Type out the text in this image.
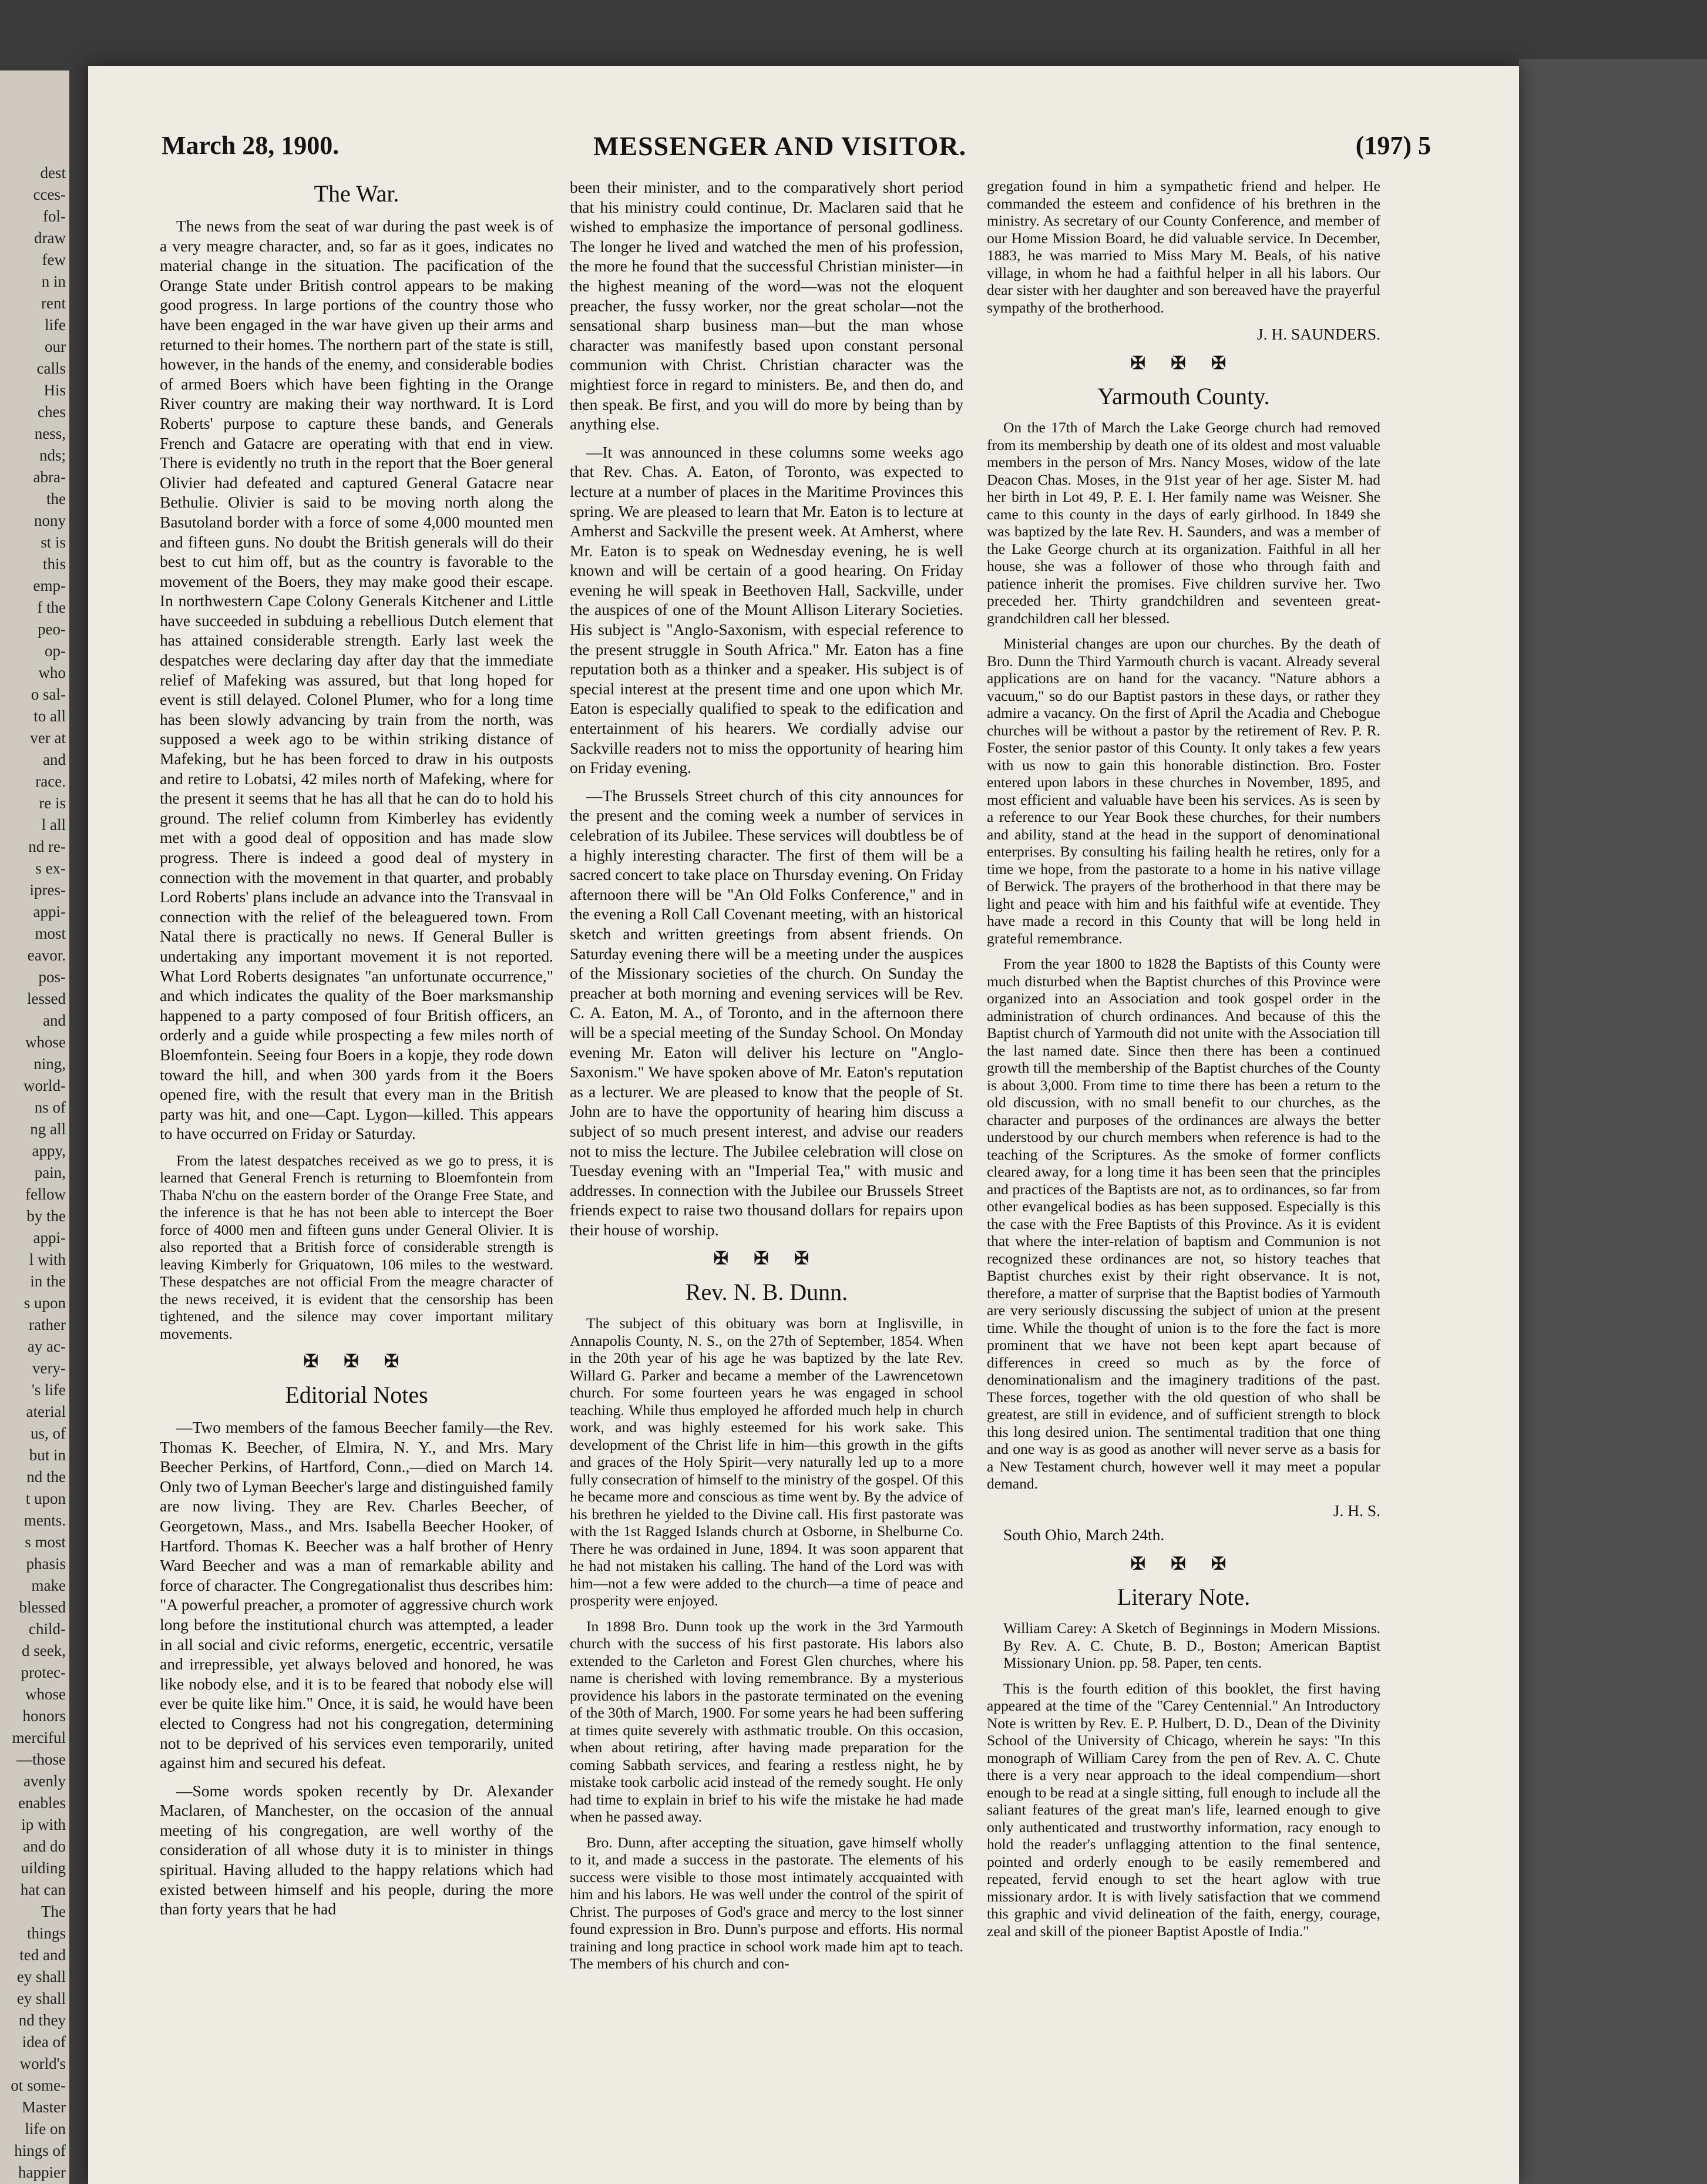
dest
cces-
fol-
draw
few
n in
rent
life
our
calls
His
ches
ness,
nds;
abra-
the
nony
st is
this
emp-
f the
peo-
op-
who
o sal-
to all
ver at
and
race.
re is
l all
nd re-
s ex-
ipres-
appi-
most
eavor.
pos-
lessed
and
whose
ning,
world-
ns of
ng all
appy,
pain,
fellow
by the
appi-
l with
in the
s upon
rather
ay ac-
very-
's life
aterial
us, of
but in
nd the
t upon
ments.
s most
phasis
make
blessed
child-
d seek,
protec-
whose
honors
merciful
—those
avenly
enables
ip with
and do
uilding
hat can
The
things
ted and
ey shall
ey shall
nd they
idea of
world's
ot some-
Master
life on
hings of
happier
March 28, 1900.	MESSENGER AND VISITOR.	(197) 5
The War.

The news from the seat of war during the past week is of a very meagre character, and, so far as it goes, indicates no material change in the situation. The pacification of the Orange State under British control appears to be making good progress. In large portions of the country those who have been engaged in the war have given up their arms and returned to their homes. The northern part of the state is still, however, in the hands of the enemy, and considerable bodies of armed Boers which have been fighting in the Orange River country are making their way northward. It is Lord Roberts' purpose to capture these bands, and Generals French and Gatacre are operating with that end in view. There is evidently no truth in the report that the Boer general Olivier had defeated and captured General Gatacre near Bethulie. Olivier is said to be moving north along the Basutoland border with a force of some 4,000 mounted men and fifteen guns. No doubt the British generals will do their best to cut him off, but as the country is favorable to the movement of the Boers, they may make good their escape. In northwestern Cape Colony Generals Kitchener and Little have succeeded in subduing a rebellious Dutch element that has attained considerable strength. Early last week the despatches were declaring day after day that the immediate relief of Mafeking was assured, but that long hoped for event is still delayed. Colonel Plumer, who for a long time has been slowly advancing by train from the north, was supposed a week ago to be within striking distance of Mafeking, but he has been forced to draw in his outposts and retire to Lobatsi, 42 miles north of Mafeking, where for the present it seems that he has all that he can do to hold his ground. The relief column from Kimberley has evidently met with a good deal of opposition and has made slow progress. There is indeed a good deal of mystery in connection with the movement in that quarter, and probably Lord Roberts' plans include an advance into the Transvaal in connection with the relief of the beleaguered town. From Natal there is practically no news. If General Buller is undertaking any important movement it is not reported. What Lord Roberts designates "an unfortunate occurrence," and which indicates the quality of the Boer marksmanship happened to a party composed of four British officers, an orderly and a guide while prospecting a few miles north of Bloemfontein. Seeing four Boers in a kopje, they rode down toward the hill, and when 300 yards from it the Boers opened fire, with the result that every man in the British party was hit, and one—Capt. Lygon—killed. This appears to have occurred on Friday or Saturday.

From the latest despatches received as we go to press, it is learned that General French is returning to Bloemfontein from Thaba N'chu on the eastern border of the Orange Free State, and the inference is that he has not been able to intercept the Boer force of 4000 men and fifteen guns under General Olivier. It is also reported that a British force of considerable strength is leaving Kimberly for Griquatown, 106 miles to the westward. These despatches are not official From the meagre character of the news received, it is evident that the censorship has been tightened, and the silence may cover important military movements.

✠ ✠ ✠
Editorial Notes

—Two members of the famous Beecher family—the Rev. Thomas K. Beecher, of Elmira, N. Y., and Mrs. Mary Beecher Perkins, of Hartford, Conn.,—died on March 14. Only two of Lyman Beecher's large and distinguished family are now living. They are Rev. Charles Beecher, of Georgetown, Mass., and Mrs. Isabella Beecher Hooker, of Hartford. Thomas K. Beecher was a half brother of Henry Ward Beecher and was a man of remarkable ability and force of character. The Congregationalist thus describes him: "A powerful preacher, a promoter of aggressive church work long before the institutional church was attempted, a leader in all social and civic reforms, energetic, eccentric, versatile and irrepressible, yet always beloved and honored, he was like nobody else, and it is to be feared that nobody else will ever be quite like him." Once, it is said, he would have been elected to Congress had not his congregation, determining not to be deprived of his services even temporarily, united against him and secured his defeat.

—Some words spoken recently by Dr. Alexander Maclaren, of Manchester, on the occasion of the annual meeting of his congregation, are well worthy of the consideration of all whose duty it is to minister in things spiritual. Having alluded to the happy relations which had existed between himself and his people, during the more than forty years that he had

been their minister, and to the comparatively short period that his ministry could continue, Dr. Maclaren said that he wished to emphasize the importance of personal godliness. The longer he lived and watched the men of his profession, the more he found that the successful Christian minister—in the highest meaning of the word—was not the eloquent preacher, the fussy worker, nor the great scholar—not the sensational sharp business man—but the man whose character was manifestly based upon constant personal communion with Christ. Christian character was the mightiest force in regard to ministers. Be, and then do, and then speak. Be first, and you will do more by being than by anything else.

—It was announced in these columns some weeks ago that Rev. Chas. A. Eaton, of Toronto, was expected to lecture at a number of places in the Maritime Provinces this spring. We are pleased to learn that Mr. Eaton is to lecture at Amherst and Sackville the present week. At Amherst, where Mr. Eaton is to speak on Wednesday evening, he is well known and will be certain of a good hearing. On Friday evening he will speak in Beethoven Hall, Sackville, under the auspices of one of the Mount Allison Literary Societies. His subject is "Anglo-Saxonism, with especial reference to the present struggle in South Africa." Mr. Eaton has a fine reputation both as a thinker and a speaker. His subject is of special interest at the present time and one upon which Mr. Eaton is especially qualified to speak to the edification and entertainment of his hearers. We cordially advise our Sackville readers not to miss the opportunity of hearing him on Friday evening.

—The Brussels Street church of this city announces for the present and the coming week a number of services in celebration of its Jubilee. These services will doubtless be of a highly interesting character. The first of them will be a sacred concert to take place on Thursday evening. On Friday afternoon there will be "An Old Folks Conference," and in the evening a Roll Call Covenant meeting, with an historical sketch and written greetings from absent friends. On Saturday evening there will be a meeting under the auspices of the Missionary societies of the church. On Sunday the preacher at both morning and evening services will be Rev. C. A. Eaton, M. A., of Toronto, and in the afternoon there will be a special meeting of the Sunday School. On Monday evening Mr. Eaton will deliver his lecture on "Anglo-Saxonism." We have spoken above of Mr. Eaton's reputation as a lecturer. We are pleased to know that the people of St. John are to have the opportunity of hearing him discuss a subject of so much present interest, and advise our readers not to miss the lecture. The Jubilee celebration will close on Tuesday evening with an "Imperial Tea," with music and addresses. In connection with the Jubilee our Brussels Street friends expect to raise two thousand dollars for repairs upon their house of worship.

✠ ✠ ✠
Rev. N. B. Dunn.

The subject of this obituary was born at Inglisville, in Annapolis County, N. S., on the 27th of September, 1854. When in the 20th year of his age he was baptized by the late Rev. Willard G. Parker and became a member of the Lawrencetown church. For some fourteen years he was engaged in school teaching. While thus employed he afforded much help in church work, and was highly esteemed for his work sake. This development of the Christ life in him—this growth in the gifts and graces of the Holy Spirit—very naturally led up to a more fully consecration of himself to the ministry of the gospel. Of this he became more and conscious as time went by. By the advice of his brethren he yielded to the Divine call. His first pastorate was with the 1st Ragged Islands church at Osborne, in Shelburne Co. There he was ordained in June, 1894. It was soon apparent that he had not mistaken his calling. The hand of the Lord was with him—not a few were added to the church—a time of peace and prosperity were enjoyed.

In 1898 Bro. Dunn took up the work in the 3rd Yarmouth church with the success of his first pastorate. His labors also extended to the Carleton and Forest Glen churches, where his name is cherished with loving remembrance. By a mysterious providence his labors in the pastorate terminated on the evening of the 30th of March, 1900. For some years he had been suffering at times quite severely with asthmatic trouble. On this occasion, when about retiring, after having made preparation for the coming Sabbath services, and fearing a restless night, he by mistake took carbolic acid instead of the remedy sought. He only had time to explain in brief to his wife the mistake he had made when he passed away.

Bro. Dunn, after accepting the situation, gave himself wholly to it, and made a success in the pastorate. The elements of his success were visible to those most intimately accquainted with him and his labors. He was well under the control of the spirit of Christ. The purposes of God's grace and mercy to the lost sinner found expression in Bro. Dunn's purpose and efforts. His normal training and long practice in school work made him apt to teach. The members of his church and con-

gregation found in him a sympathetic friend and helper. He commanded the esteem and confidence of his brethren in the ministry. As secretary of our County Conference, and member of our Home Mission Board, he did valuable service. In December, 1883, he was married to Miss Mary M. Beals, of his native village, in whom he had a faithful helper in all his labors. Our dear sister with her daughter and son bereaved have the prayerful sympathy of the brotherhood.

J. H. SAUNDERS.
✠ ✠ ✠
Yarmouth County.

On the 17th of March the Lake George church had removed from its membership by death one of its oldest and most valuable members in the person of Mrs. Nancy Moses, widow of the late Deacon Chas. Moses, in the 91st year of her age. Sister M. had her birth in Lot 49, P. E. I. Her family name was Weisner. She came to this county in the days of early girlhood. In 1849 she was baptized by the late Rev. H. Saunders, and was a member of the Lake George church at its organization. Faithful in all her house, she was a follower of those who through faith and patience inherit the promises. Five children survive her. Two preceded her. Thirty grandchildren and seventeen great-grandchildren call her blessed.

Ministerial changes are upon our churches. By the death of Bro. Dunn the Third Yarmouth church is vacant. Already several applications are on hand for the vacancy. "Nature abhors a vacuum," so do our Baptist pastors in these days, or rather they admire a vacancy. On the first of April the Acadia and Chebogue churches will be without a pastor by the retirement of Rev. P. R. Foster, the senior pastor of this County. It only takes a few years with us now to gain this honorable distinction. Bro. Foster entered upon labors in these churches in November, 1895, and most efficient and valuable have been his services. As is seen by a reference to our Year Book these churches, for their numbers and ability, stand at the head in the support of denominational enterprises. By consulting his failing health he retires, only for a time we hope, from the pastorate to a home in his native village of Berwick. The prayers of the brotherhood in that there may be light and peace with him and his faithful wife at eventide. They have made a record in this County that will be long held in grateful remembrance.

From the year 1800 to 1828 the Baptists of this County were much disturbed when the Baptist churches of this Province were organized into an Association and took gospel order in the administration of church ordinances. And because of this the Baptist church of Yarmouth did not unite with the Association till the last named date. Since then there has been a continued growth till the membership of the Baptist churches of the County is about 3,000. From time to time there has been a return to the old discussion, with no small benefit to our churches, as the character and purposes of the ordinances are always the better understood by our church members when reference is had to the teaching of the Scriptures. As the smoke of former conflicts cleared away, for a long time it has been seen that the principles and practices of the Baptists are not, as to ordinances, so far from other evangelical bodies as has been supposed. Especially is this the case with the Free Baptists of this Province. As it is evident that where the inter-relation of baptism and Communion is not recognized these ordinances are not, so history teaches that Baptist churches exist by their right observance. It is not, therefore, a matter of surprise that the Baptist bodies of Yarmouth are very seriously discussing the subject of union at the present time. While the thought of union is to the fore the fact is more prominent that we have not been kept apart because of differences in creed so much as by the force of denominationalism and the imaginery traditions of the past. These forces, together with the old question of who shall be greatest, are still in evidence, and of sufficient strength to block this long desired union. The sentimental tradition that one thing and one way is as good as another will never serve as a basis for a New Testament church, however well it may meet a popular demand.

J. H. S.

South Ohio, March 24th.

✠ ✠ ✠
Literary Note.

William Carey: A Sketch of Beginnings in Modern Missions. By Rev. A. C. Chute, B. D., Boston; American Baptist Missionary Union. pp. 58. Paper, ten cents.

This is the fourth edition of this booklet, the first having appeared at the time of the "Carey Centennial." An Introductory Note is written by Rev. E. P. Hulbert, D. D., Dean of the Divinity School of the University of Chicago, wherein he says: "In this monograph of William Carey from the pen of Rev. A. C. Chute there is a very near approach to the ideal compendium—short enough to be read at a single sitting, full enough to include all the saliant features of the great man's life, learned enough to give only authenticated and trustworthy information, racy enough to hold the reader's unflagging attention to the final sentence, pointed and orderly enough to be easily remembered and repeated, fervid enough to set the heart aglow with true missionary ardor. It is with lively satisfaction that we commend this graphic and vivid delineation of the faith, energy, courage, zeal and skill of the pioneer Baptist Apostle of India."
